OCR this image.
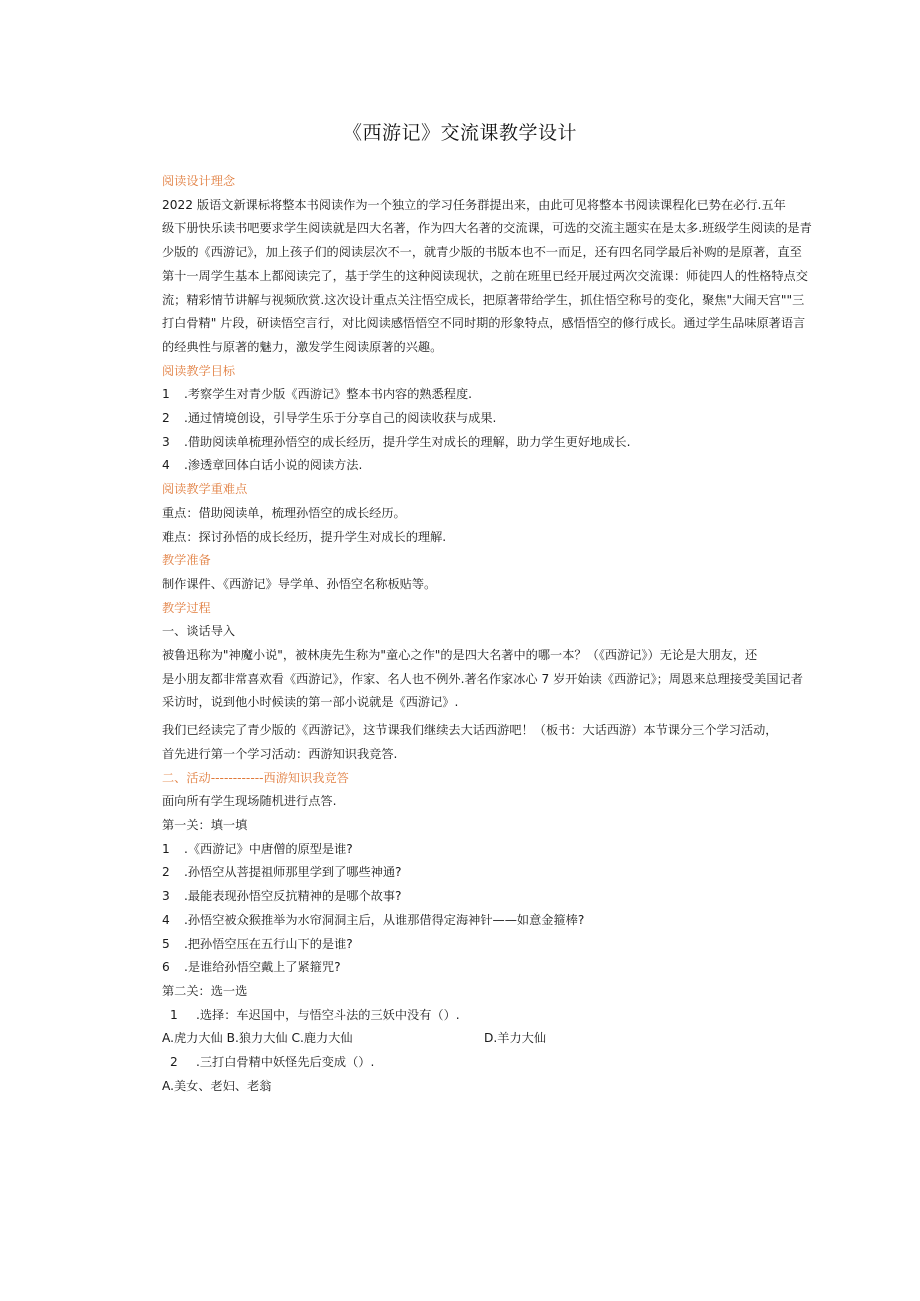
《西游记》交流课教学设计

阅读设计理念

2022 版语文新课标将整本书阅读作为一个独立的学习任务群提出来，由此可见将整本书阅读课程化已势在必行.五年
级下册快乐读书吧要求学生阅读就是四大名著，作为四大名著的交流课，可选的交流主题实在是太多.班级学生阅读的是青
少版的《西游记》，加上孩子们的阅读层次不一，就青少版的书版本也不一而足，还有四名同学最后补购的是原著，直至
第十一周学生基本上都阅读完了，基于学生的这种阅读现状，之前在班里已经开展过两次交流课：师徒四人的性格特点交
流；精彩情节讲解与视频欣赏.这次设计重点关注悟空成长，把原著带给学生，抓住悟空称号的变化，聚焦"大闹天宫""三
打白骨精" 片段，研读悟空言行，对比阅读感悟悟空不同时期的形象特点，感悟悟空的修行成长。通过学生品味原著语言
的经典性与原著的魅力，激发学生阅读原著的兴趣。

阅读教学目标

1 .考察学生对青少版《西游记》整本书内容的熟悉程度.

2 .通过情境创设，引导学生乐于分享自己的阅读收获与成果.

3 .借助阅读单梳理孙悟空的成长经历，提升学生对成长的理解，助力学生更好地成长.

4 .渗透章回体白话小说的阅读方法.

阅读教学重难点

重点：借助阅读单，梳理孙悟空的成长经历。

难点：探讨孙悟的成长经历，提升学生对成长的理解.

教学准备

制作课件、《西游记》导学单、孙悟空名称板贴等。

教学过程

一、谈话导入

被鲁迅称为"神魔小说"，被林庚先生称为"童心之作"的是四大名著中的哪一本？（《西游记》）无论是大朋友，还
是小朋友都非常喜欢看《西游记》，作家、名人也不例外.著名作家冰心 7 岁开始读《西游记》；周恩来总理接受美国记者
采访时，说到他小时候读的第一部小说就是《西游记》.
我们已经读完了青少版的《西游记》，这节课我们继续去大话西游吧！（板书：大话西游）本节课分三个学习活动，
首先进行第一个学习活动：西游知识我竞答.

二、活动------------西游知识我竞答

面向所有学生现场随机进行点答.

第一关：填一填

1 .《西游记》中唐僧的原型是谁?

2 .孙悟空从菩提祖师那里学到了哪些神通?

3 .最能表现孙悟空反抗精神的是哪个故事?

4 .孙悟空被众猴推举为水帘洞洞主后，从谁那借得定海神针——如意金箍棒?

5 .把孙悟空压在五行山下的是谁?

6 .是谁给孙悟空戴上了紧箍咒?

第二关：选一选

1 .选择：车迟国中，与悟空斗法的三妖中没有（）.

A.虎力大仙 B.狼力大仙 C.鹿力大仙	D.羊力大仙

2 .三打白骨精中妖怪先后变成（）.

A.美女、老妇、老翁
